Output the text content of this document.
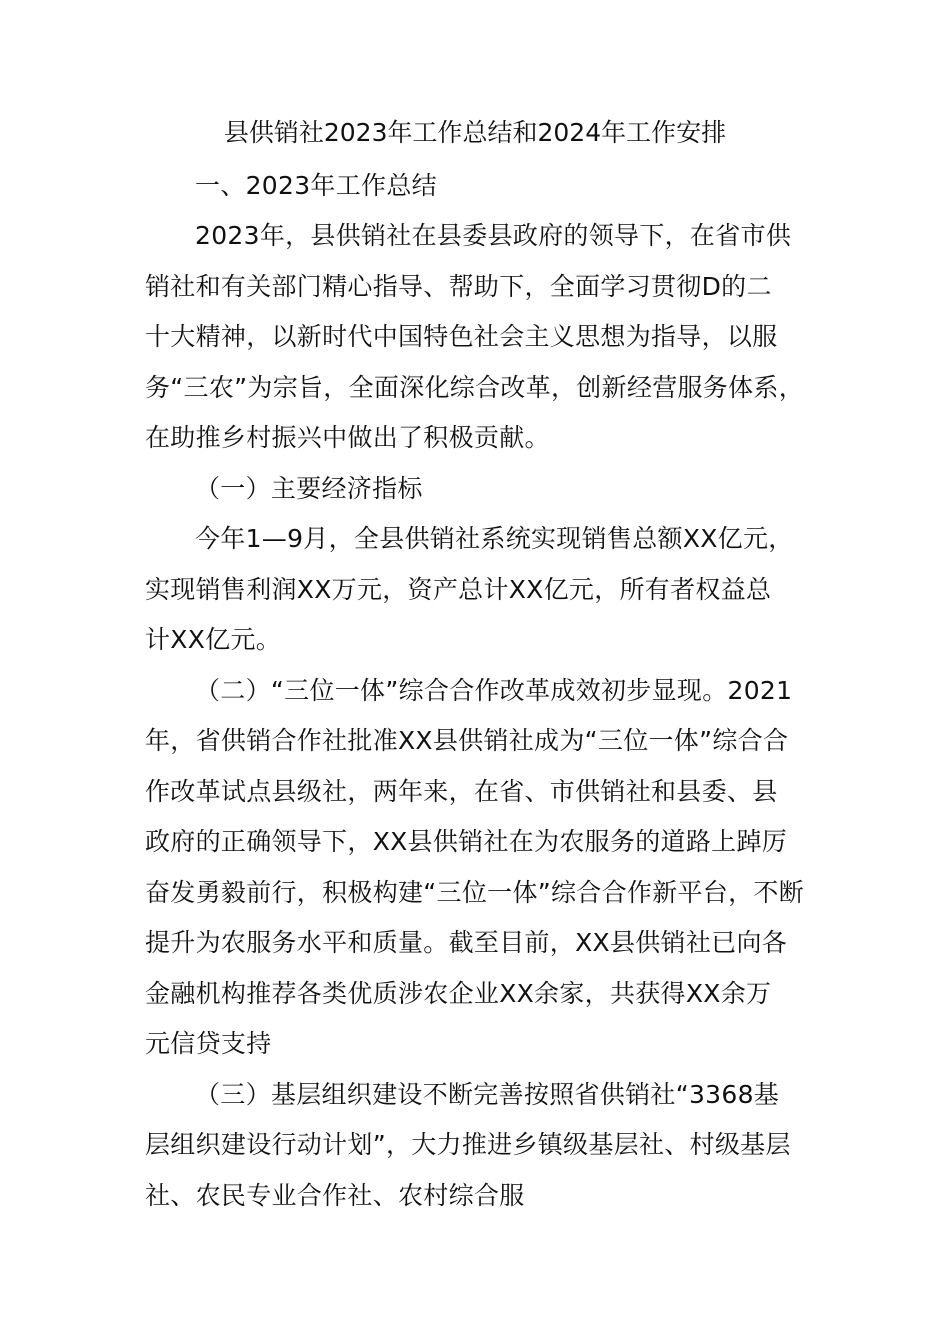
县供销社2023年工作总结和2024年工作安排
一、2023年工作总结
2023年，县供销社在县委县政府的领导下，在省市供
销社和有关部门精心指导、帮助下，全面学习贯彻D的二
十大精神，以新时代中国特色社会主义思想为指导，以服
务“三农”为宗旨，全面深化综合改革，创新经营服务体系，
在助推乡村振兴中做出了积极贡献。
（一）主要经济指标
今年1—9月，全县供销社系统实现销售总额XX亿元，
实现销售利润XX万元，资产总计XX亿元，所有者权益总
计XX亿元。
（二）“三位一体”综合合作改革成效初步显现。2021
年，省供销合作社批准XX县供销社成为“三位一体”综合合
作改革试点县级社，两年来，在省、市供销社和县委、县
政府的正确领导下，XX县供销社在为农服务的道路上踔厉
奋发勇毅前行，积极构建“三位一体”综合合作新平台，不断
提升为农服务水平和质量。截至目前，XX县供销社已向各
金融机构推荐各类优质涉农企业XX余家，共获得XX余万
元信贷支持
（三）基层组织建设不断完善按照省供销社“3368基
层组织建设行动计划”，大力推进乡镇级基层社、村级基层
社、农民专业合作社、农村综合服
